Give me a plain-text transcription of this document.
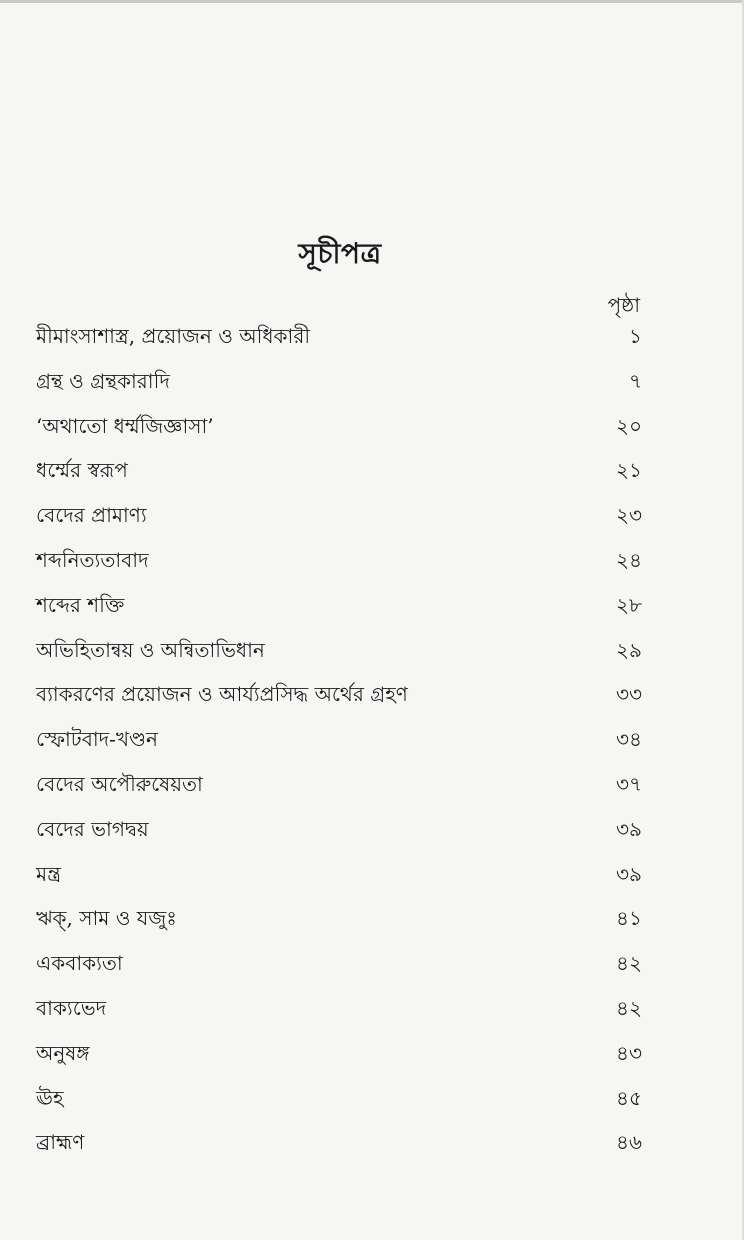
সূচীপত্র
পৃষ্ঠা
মীমাংসাশাস্ত্র, প্রয়োজন ও অধিকারী	১
গ্রন্থ ও গ্রন্থকারাদি	৭
‘অথাতো ধর্ম্মজিজ্ঞাসা’	২০
ধর্ম্মের স্বরূপ	২১
বেদের প্রামাণ্য	২৩
শব্দনিত্যতাবাদ	২৪
শব্দের শক্তি	২৮
অভিহিতান্বয় ও অন্বিতাভিধান	২৯
ব্যাকরণের প্রয়োজন ও আর্য্যপ্রসিদ্ধ অর্থের গ্রহণ	৩৩
স্ফোটবাদ-খণ্ডন	৩৪
বেদের অপৌরুষেয়তা	৩৭
বেদের ভাগদ্বয়	৩৯
মন্ত্র	৩৯
ঋক্, সাম ও যজুঃ	৪১
একবাক্যতা	৪২
বাক্যভেদ	৪২
অনুষঙ্গ	৪৩
ঊহ	৪৫
ব্রাহ্মণ	৪৬
